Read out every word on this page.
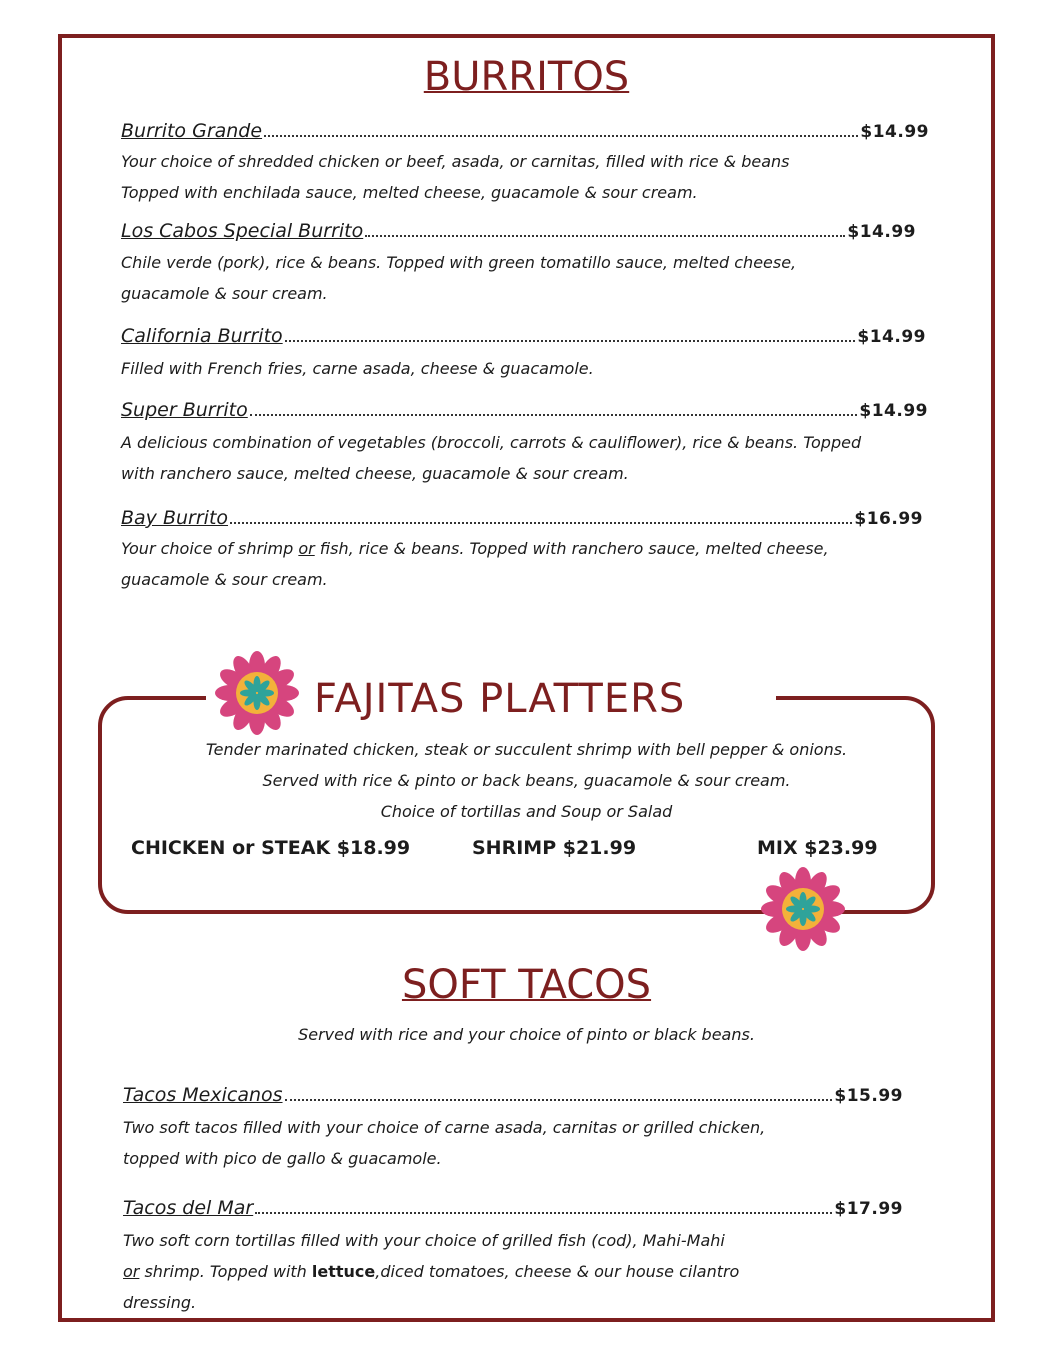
BURRITOS
Burrito Grande	$14.99
Your choice of shredded chicken or beef, asada, or carnitas, filled with rice & beans
Topped with enchilada sauce, melted cheese, guacamole & sour cream.
Los Cabos Special Burrito	$14.99
Chile verde (pork), rice & beans. Topped with green tomatillo sauce, melted cheese,
guacamole & sour cream.
California Burrito	$14.99
Filled with French fries, carne asada, cheese & guacamole.
Super Burrito	$14.99
A delicious combination of vegetables (broccoli, carrots & cauliflower), rice & beans. Topped
with ranchero sauce, melted cheese, guacamole & sour cream.
Bay Burrito	$16.99
Your choice of shrimp or fish, rice & beans. Topped with ranchero sauce, melted cheese,
guacamole & sour cream.
FAJITAS PLATTERS
Tender marinated chicken, steak or succulent shrimp with bell pepper & onions.
Served with rice & pinto or back beans, guacamole & sour cream.
Choice of tortillas and Soup or Salad
CHICKEN or STEAK $18.99	SHRIMP $21.99	MIX $23.99
SOFT TACOS
Served with rice and your choice of pinto or black beans.
Tacos Mexicanos	$15.99
Two soft tacos filled with your choice of carne asada, carnitas or grilled chicken,
topped with pico de gallo & guacamole.
Tacos del Mar	$17.99
Two soft corn tortillas filled with your choice of grilled fish (cod), Mahi-Mahi
or shrimp. Topped with lettuce,diced tomatoes, cheese & our house cilantro
dressing.
